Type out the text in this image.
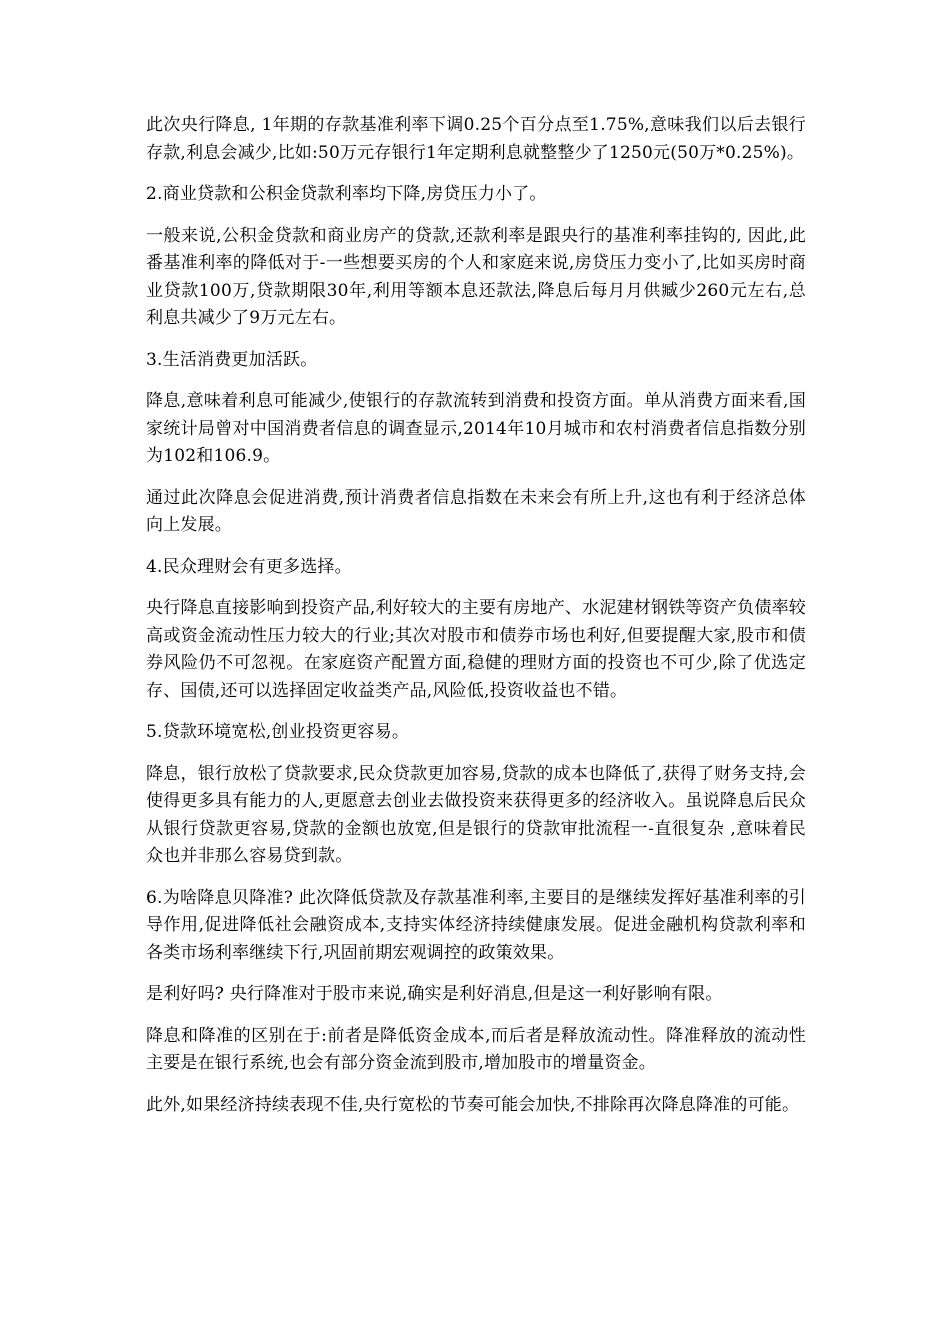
此次央行降息, 1年期的存款基准利率下调0.25个百分点至1.75%,意味我们以后去银行存款,利息会减少,比如:50万元存银行1年定期利息就整整少了1250元(50万*0.25%)。

2.商业贷款和公积金贷款利率均下降,房贷压力小了。

一般来说,公积金贷款和商业房产的贷款,还款利率是跟央行的基准利率挂钩的, 因此,此番基准利率的降低对于-一些想要买房的个人和家庭来说,房贷压力变小了,比如买房时商业贷款100万,贷款期限30年,利用等额本息还款法,降息后每月月供臧少260元左右,总利息共减少了9万元左右。

3.生活消费更加活跃。

降息,意味着利息可能减少,使银行的存款流转到消费和投资方面。单从消费方面来看,国家统计局曾对中国消费者信息的调查显示,2014年10月城市和农村消费者信息指数分别为102和106.9。

通过此次降息会促进消费,预计消费者信息指数在未来会有所上升,这也有利于经济总体向上发展。

4.民众理财会有更多选择。

央行降息直接影响到投资产品,利好较大的主要有房地产、水泥建材钢铁等资产负债率较高或资金流动性压力较大的行业;其次对股市和债券市场也利好,但要提醒大家,股市和债券风险仍不可忽视。在家庭资产配置方面,稳健的理财方面的投资也不可少,除了优选定存、国债,还可以选择固定收益类产品,风险低,投资收益也不错。

5.贷款环境宽松,创业投资更容易。

降息，银行放松了贷款要求,民众贷款更加容易,贷款的成本也降低了,获得了财务支持,会使得更多具有能力的人,更愿意去创业去做投资来获得更多的经济收入。虽说降息后民众从银行贷款更容易,贷款的金额也放宽,但是银行的贷款审批流程一-直很复杂 ,意味着民众也并非那么容易贷到款。

6.为啥降息贝降准? 此次降低贷款及存款基准利率,主要目的是继续发挥好基准利率的引导作用,促进降低社会融资成本,支持实体经济持续健康发展。促进金融机构贷款利率和各类市场利率继续下行,巩固前期宏观调控的政策效果。

是利好吗? 央行降准对于股市来说,确实是利好消息,但是这一利好影响有限。

降息和降准的区别在于:前者是降低资金成本,而后者是释放流动性。降准释放的流动性主要是在银行系统,也会有部分资金流到股市,增加股市的增量资金。

此外,如果经济持续表现不佳,央行宽松的节奏可能会加快,不排除再次降息降准的可能。
